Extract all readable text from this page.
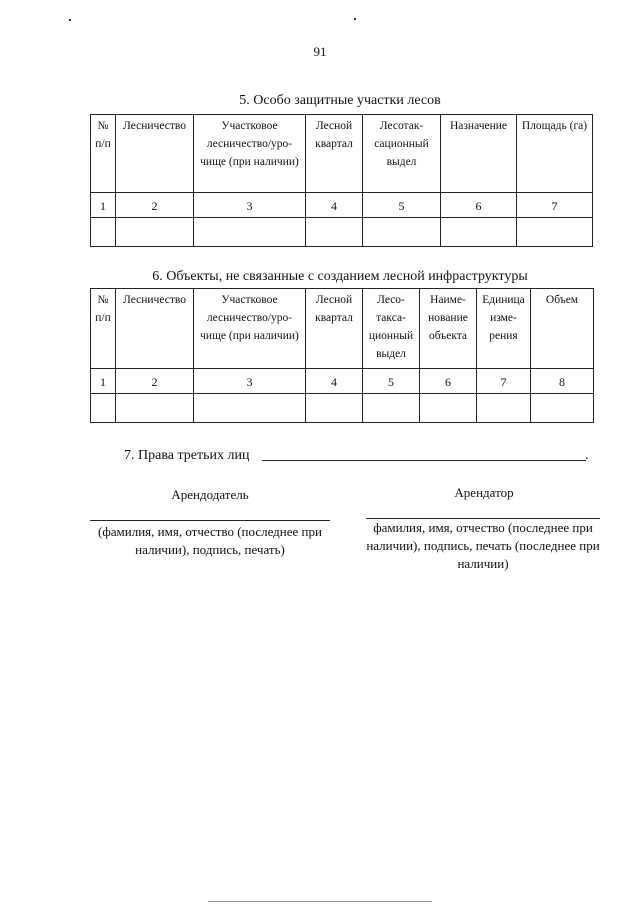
91
5. Особо защитные участки лесов
№ п/п	Лесничество	Участковое лесничество/уро-чище (при наличии)	Лесной квартал	Лесотак-сационный выдел	Назначение	Площадь (га)
1	2	3	4	5	6	7

6. Объекты, не связанные с созданием лесной инфраструктуры
№ п/п	Лесничество	Участковое лесничество/уро-чище (при наличии)	Лесной квартал	Лесо-такса-ционный выдел	Наиме-нование объекта	Единица изме-рения	Объем
1	2	3	4	5	6	7	8

7. Права третьих лиц	.
Арендодатель
(фамилия, имя, отчество (последнее при наличии), подпись, печать)
Арендатор
фамилия, имя, отчество (последнее при наличии), подпись, печать (последнее при наличии)
